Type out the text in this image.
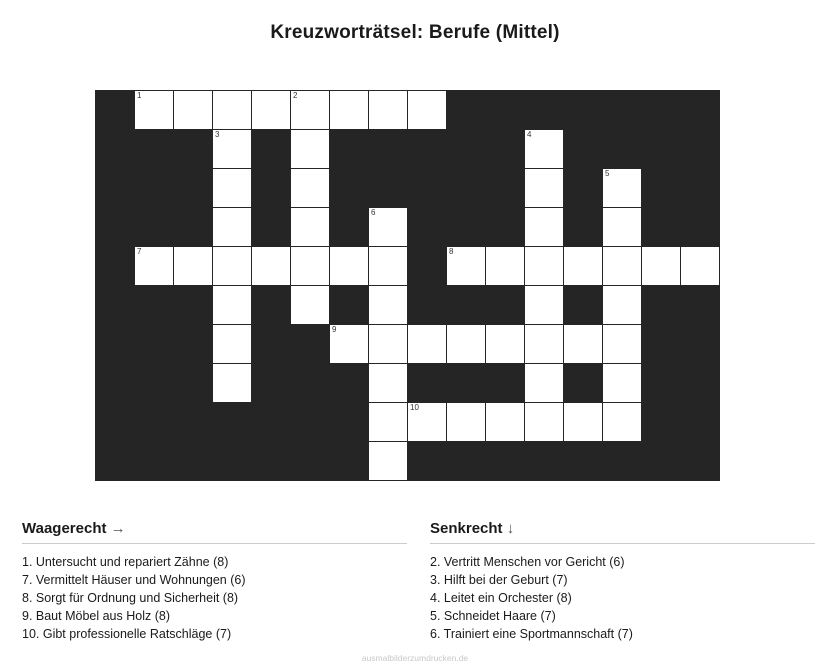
Kreuzworträtsel: Berufe (Mittel)

	1				2										

			3								4				

													5		

							6								

	7								8						

						9									

								10							

Waagerecht →
1. Untersucht und repariert Zähne (8)
7. Vermittelt Häuser und Wohnungen (6)
8. Sorgt für Ordnung und Sicherheit (8)
9. Baut Möbel aus Holz (8)
10. Gibt professionelle Ratschläge (7)
Senkrecht ↓
2. Vertritt Menschen vor Gericht (6)
3. Hilft bei der Geburt (7)
4. Leitet ein Orchester (8)
5. Schneidet Haare (7)
6. Trainiert eine Sportmannschaft (7)
ausmalbilderzumdrucken.de
